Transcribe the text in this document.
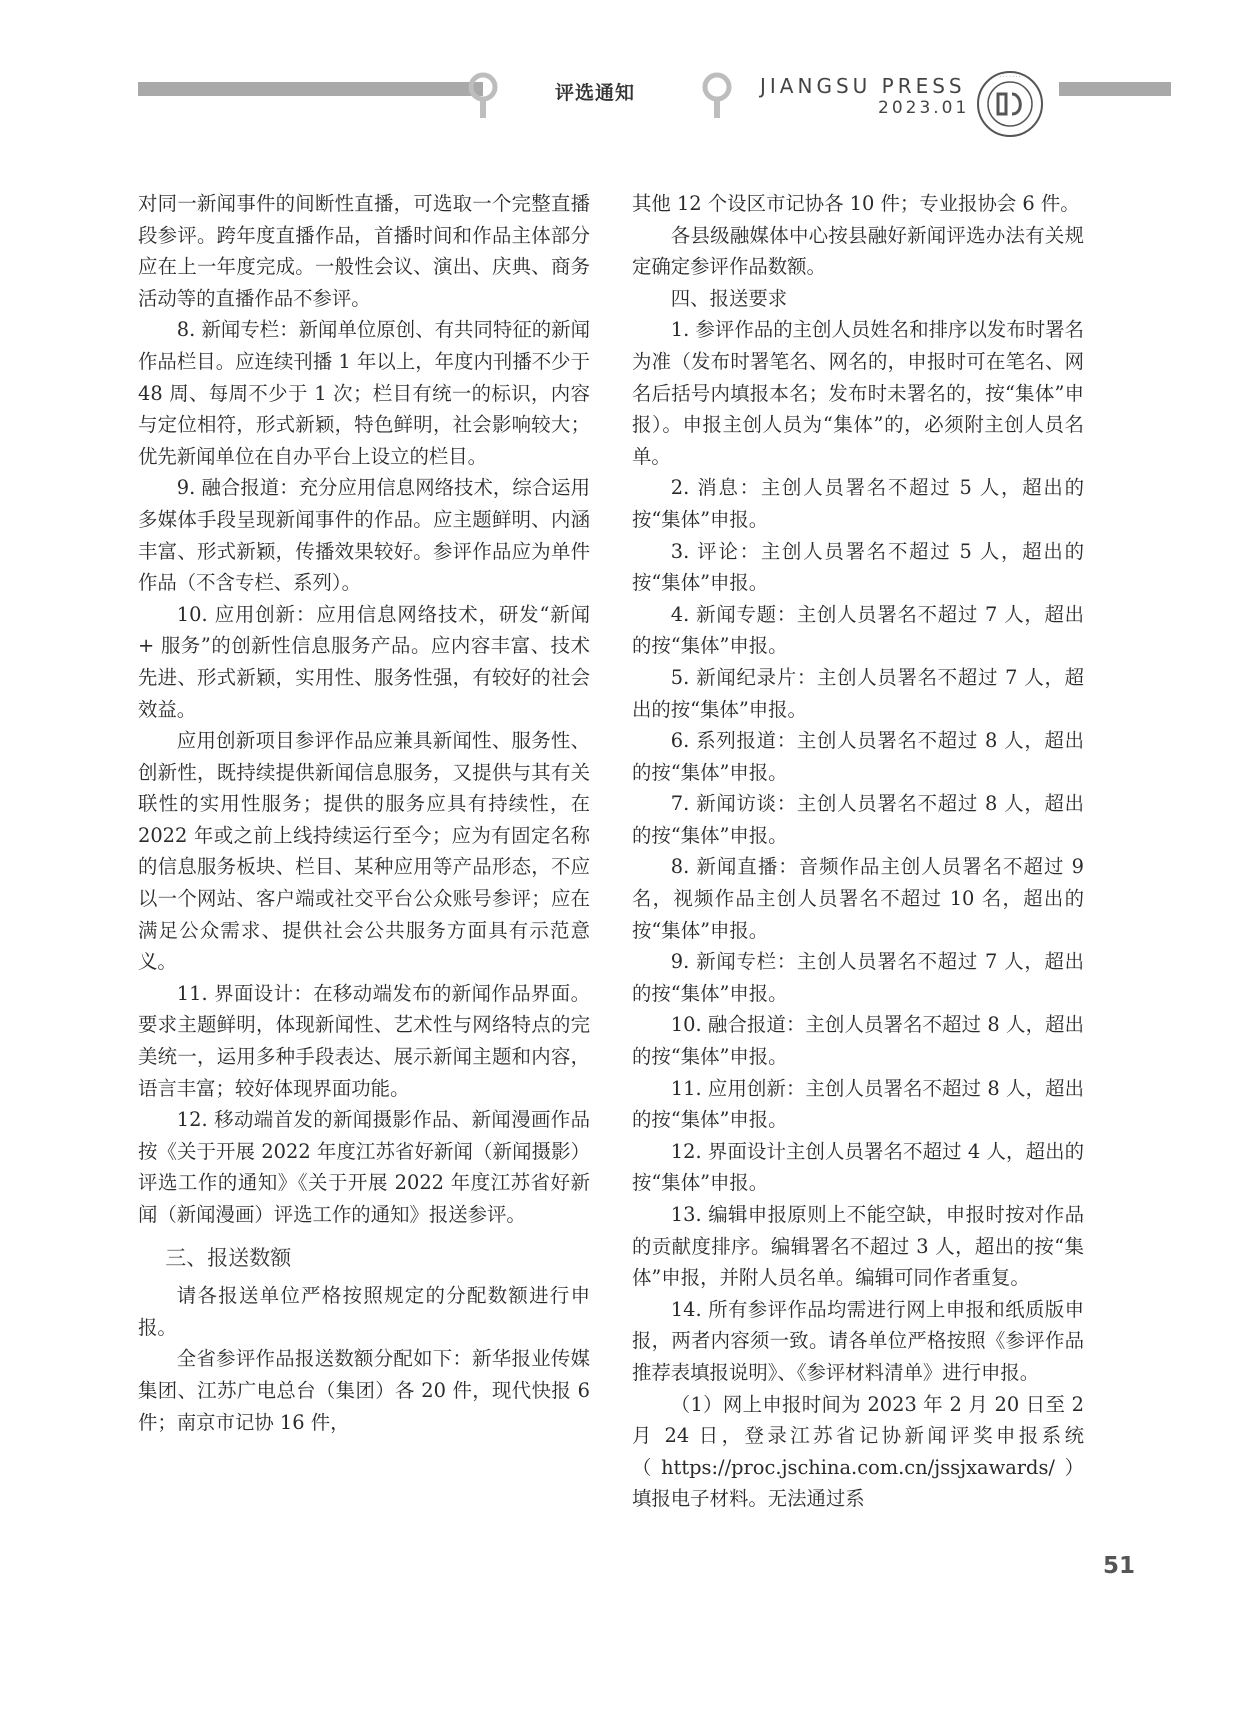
评选通知	JIANGSU PRESS
2023.01
· · · · · · ·

对同一新闻事件的间断性直播，可选取一个完整直播段参评。跨年度直播作品，首播时间和作品主体部分应在上一年度完成。一般性会议、演出、庆典、商务活动等的直播作品不参评。

8. 新闻专栏：新闻单位原创、有共同特征的新闻作品栏目。应连续刊播 1 年以上，年度内刊播不少于 48 周、每周不少于 1 次；栏目有统一的标识，内容与定位相符，形式新颖，特色鲜明，社会影响较大；优先新闻单位在自办平台上设立的栏目。

9. 融合报道：充分应用信息网络技术，综合运用多媒体手段呈现新闻事件的作品。应主题鲜明、内涵丰富、形式新颖，传播效果较好。参评作品应为单件作品（不含专栏、系列）。

10. 应用创新：应用信息网络技术，研发“新闻 + 服务”的创新性信息服务产品。应内容丰富、技术先进、形式新颖，实用性、服务性强，有较好的社会效益。

应用创新项目参评作品应兼具新闻性、服务性、创新性，既持续提供新闻信息服务，又提供与其有关联性的实用性服务；提供的服务应具有持续性，在 2022 年或之前上线持续运行至今；应为有固定名称的信息服务板块、栏目、某种应用等产品形态，不应以一个网站、客户端或社交平台公众账号参评；应在满足公众需求、提供社会公共服务方面具有示范意义。

11. 界面设计：在移动端发布的新闻作品界面。要求主题鲜明，体现新闻性、艺术性与网络特点的完美统一，运用多种手段表达、展示新闻主题和内容，语言丰富；较好体现界面功能。

12. 移动端首发的新闻摄影作品、新闻漫画作品按《关于开展 2022 年度江苏省好新闻（新闻摄影）评选工作的通知》《关于开展 2022 年度江苏省好新闻（新闻漫画）评选工作的通知》报送参评。

三、报送数额

请各报送单位严格按照规定的分配数额进行申报。

全省参评作品报送数额分配如下：新华报业传媒集团、江苏广电总台（集团）各 20 件，现代快报 6 件；南京市记协 16 件，

其他 12 个设区市记协各 10 件；专业报协会 6 件。

各县级融媒体中心按县融好新闻评选办法有关规定确定参评作品数额。

四、报送要求

1. 参评作品的主创人员姓名和排序以发布时署名为准（发布时署笔名、网名的，申报时可在笔名、网名后括号内填报本名；发布时未署名的，按“集体”申报）。申报主创人员为“集体”的，必须附主创人员名单。

2. 消息：主创人员署名不超过 5 人，超出的按“集体”申报。

3. 评论：主创人员署名不超过 5 人，超出的按“集体”申报。

4. 新闻专题：主创人员署名不超过 7 人，超出的按“集体”申报。

5. 新闻纪录片：主创人员署名不超过 7 人，超出的按“集体”申报。

6. 系列报道：主创人员署名不超过 8 人，超出的按“集体”申报。

7. 新闻访谈：主创人员署名不超过 8 人，超出的按“集体”申报。

8. 新闻直播：音频作品主创人员署名不超过 9 名，视频作品主创人员署名不超过 10 名，超出的按“集体”申报。

9. 新闻专栏：主创人员署名不超过 7 人，超出的按“集体”申报。

10. 融合报道：主创人员署名不超过 8 人，超出的按“集体”申报。

11. 应用创新：主创人员署名不超过 8 人，超出的按“集体”申报。

12. 界面设计主创人员署名不超过 4 人，超出的按“集体”申报。

13. 编辑申报原则上不能空缺，申报时按对作品的贡献度排序。编辑署名不超过 3 人，超出的按“集体”申报，并附人员名单。编辑可同作者重复。

14. 所有参评作品均需进行网上申报和纸质版申报，两者内容须一致。请各单位严格按照《参评作品推荐表填报说明》、《参评材料清单》进行申报。

（1）网上申报时间为 2023 年 2 月 20 日至 2 月 24 日，登录江苏省记协新闻评奖申报系统（https://proc.jschina.com.cn/jssjxawards/）填报电子材料。无法通过系

51
